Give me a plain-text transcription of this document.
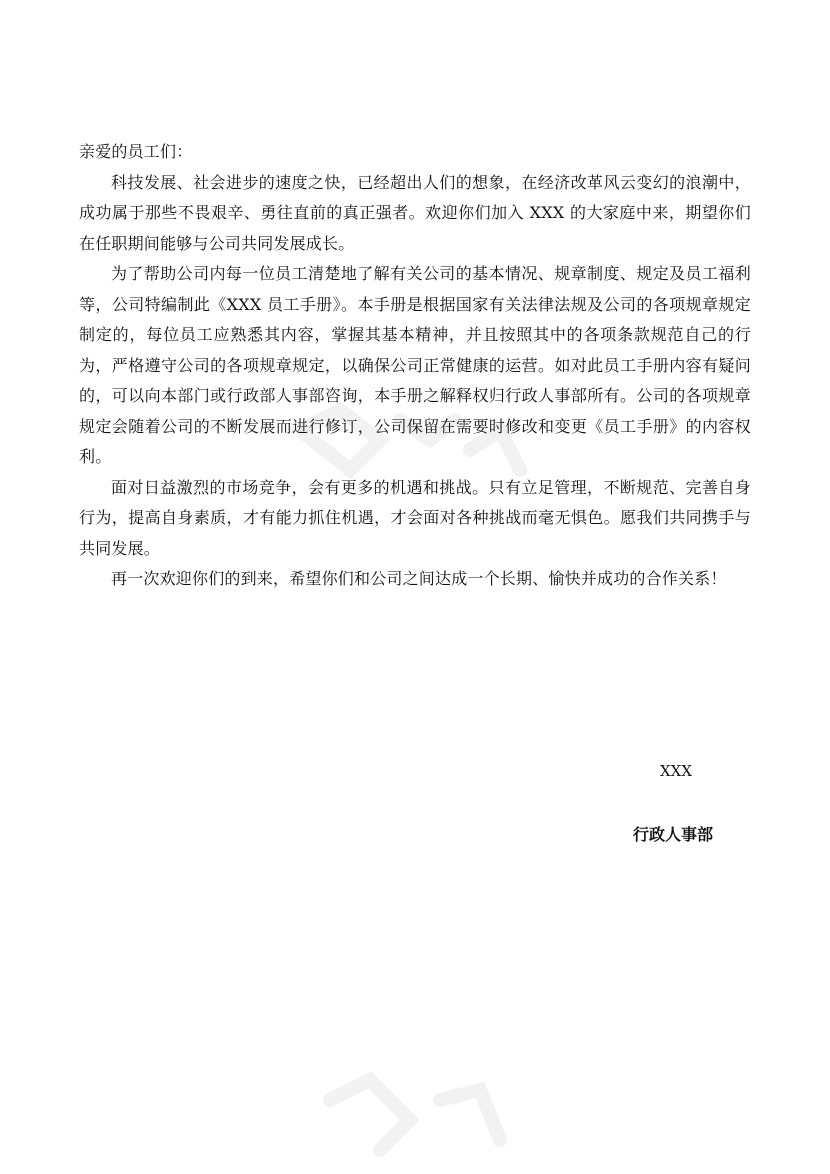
亲爱的员工们：

科技发展、社会进步的速度之快，已经超出人们的想象，在经济改革风云变幻的浪潮中，成功属于那些不畏艰辛、勇往直前的真正强者。欢迎你们加入 XXX 的大家庭中来，期望你们在任职期间能够与公司共同发展成长。

为了帮助公司内每一位员工清楚地了解有关公司的基本情况、规章制度、规定及员工福利等，公司特编制此《XXX 员工手册》。本手册是根据国家有关法律法规及公司的各项规章规定制定的，每位员工应熟悉其内容，掌握其基本精神，并且按照其中的各项条款规范自己的行为，严格遵守公司的各项规章规定，以确保公司正常健康的运营。如对此员工手册内容有疑问的，可以向本部门或行政部人事部咨询，本手册之解释权归行政人事部所有。公司的各项规章规定会随着公司的不断发展而进行修订，公司保留在需要时修改和变更《员工手册》的内容权利。

面对日益激烈的市场竞争，会有更多的机遇和挑战。只有立足管理，不断规范、完善自身行为，提高自身素质，才有能力抓住机遇，才会面对各种挑战而毫无惧色。愿我们共同携手与共同发展。

再一次欢迎你们的到来，希望你们和公司之间达成一个长期、愉快并成功的合作关系！

XXX
行政人事部
